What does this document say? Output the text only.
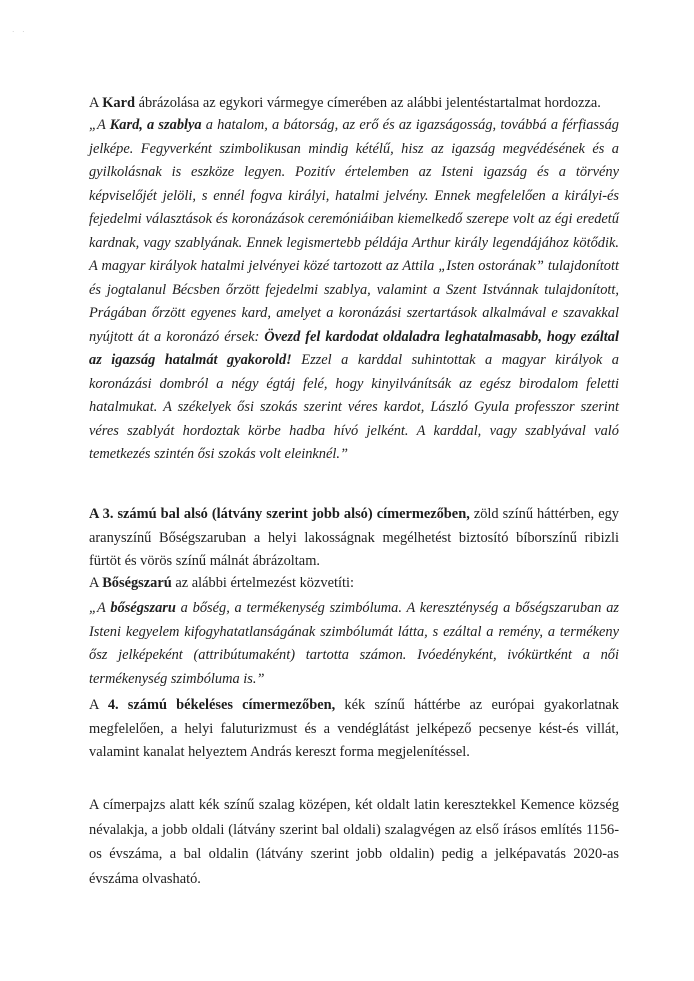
· ·

A Kard ábrázolása az egykori vármegye címerében az alábbi jelentéstartalmat hordozza.

„A Kard, a szablya a hatalom, a bátorság, az erő és az igazságosság, továbbá a férfiasság jelképe. Fegyverként szimbolikusan mindig kétélű, hisz az igazság megvédésének és a gyilkolásnak is eszköze legyen. Pozitív értelemben az Isteni igazság és a törvény képviselőjét jelöli, s ennél fogva királyi, hatalmi jelvény. Ennek megfelelően a királyi-és fejedelmi választások és koronázások ceremóniáiban kiemelkedő szerepe volt az égi eredetű kardnak, vagy szablyának. Ennek legismertebb példája Arthur király legendájához kötődik. A magyar királyok hatalmi jelvényei közé tartozott az Attila „Isten ostorának” tulajdonított és jogtalanul Bécsben őrzött fejedelmi szablya, valamint a Szent Istvánnak tulajdonított, Prágában őrzött egyenes kard, amelyet a koronázási szertartások alkalmával e szavakkal nyújtott át a koronázó érsek: Övezd fel kardodat oldaladra leghatalmasabb, hogy ezáltal az igazság hatalmát gyakorold! Ezzel a karddal suhintottak a magyar királyok a koronázási dombról a négy égtáj felé, hogy kinyilvánítsák az egész birodalom feletti hatalmukat. A székelyek ősi szokás szerint véres kardot, László Gyula professzor szerint véres szablyát hordoztak körbe hadba hívó jelként. A karddal, vagy szablyával való temetkezés szintén ősi szokás volt eleinknél.”

A 3. számú bal alsó (látvány szerint jobb alsó) címermezőben, zöld színű háttérben, egy aranyszínű Bőségszaruban a helyi lakosságnak megélhetést biztosító bíborszínű ribizli fürtöt és vörös színű málnát ábrázoltam.

A Bőségszarú az alábbi értelmezést közvetíti:

„A bőségszaru a bőség, a termékenység szimbóluma. A kereszténység a bőségszaruban az Isteni kegyelem kifogyhatatlanságának szimbólumát látta, s ezáltal a remény, a termékeny ősz jelképeként (attribútumaként) tartotta számon. Ivóedényként, ivókürtként a női termékenység szimbóluma is.”

A 4. számú békeléses címermezőben, kék színű háttérbe az európai gyakorlatnak megfelelően, a helyi faluturizmust és a vendéglátást jelképező pecsenye kést-és villát, valamint kanalat helyeztem András kereszt forma megjelenítéssel.

A címerpajzs alatt kék színű szalag középen, két oldalt latin keresztekkel Kemence község névalakja, a jobb oldali (látvány szerint bal oldali) szalagvégen az első írásos említés 1156-os évszáma, a bal oldalin (látvány szerint jobb oldalin) pedig a jelképavatás 2020-as évszáma olvasható.
